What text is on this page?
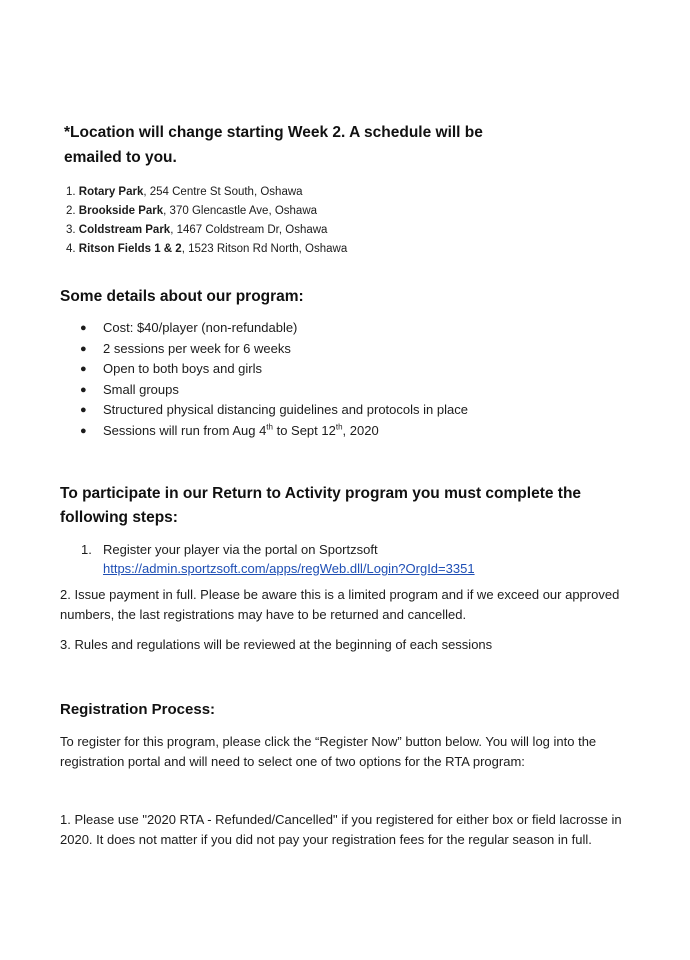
*Location will change starting Week 2. A schedule will be emailed to you.
1. Rotary Park, 254 Centre St South, Oshawa
2. Brookside Park, 370 Glencastle Ave, Oshawa
3. Coldstream Park, 1467 Coldstream Dr, Oshawa
4. Ritson Fields 1 & 2, 1523 Ritson Rd North, Oshawa
Some details about our program:
● Cost: $40/player (non-refundable)
● 2 sessions per week for 6 weeks
● Open to both boys and girls
● Small groups
● Structured physical distancing guidelines and protocols in place
● Sessions will run from Aug 4th to Sept 12th, 2020
To participate in our Return to Activity program you must complete the following steps:
1. Register your player via the portal on Sportzsoft
https://admin.sportzsoft.com/apps/regWeb.dll/Login?OrgId=3351
2. Issue payment in full. Please be aware this is a limited program and if we exceed our approved numbers, the last registrations may have to be returned and cancelled.
3. Rules and regulations will be reviewed at the beginning of each sessions
Registration Process:
To register for this program, please click the “Register Now” button below. You will log into the registration portal and will need to select one of two options for the RTA program:
1. Please use "2020 RTA - Refunded/Cancelled" if you registered for either box or field lacrosse in 2020. It does not matter if you did not pay your registration fees for the regular season in full.
